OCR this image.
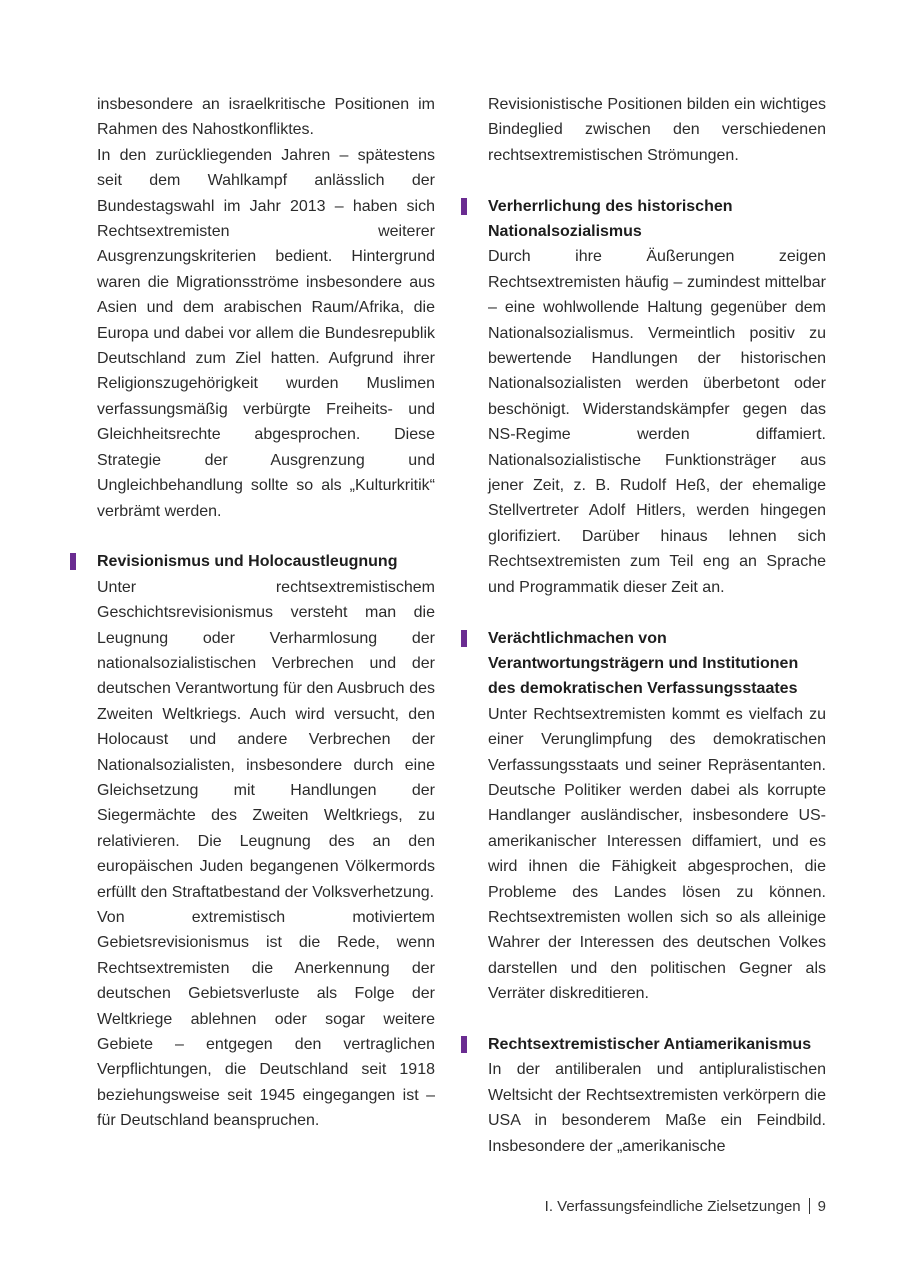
insbesondere an israelkritische Positionen im Rahmen des Nahostkonfliktes.

In den zurückliegenden Jahren – spätestens seit dem Wahlkampf anlässlich der Bundestagswahl im Jahr 2013 – haben sich Rechtsextremisten weiterer Ausgrenzungskriterien bedient. Hintergrund waren die Migrationsströme insbesondere aus Asien und dem arabischen Raum/Afrika, die Europa und dabei vor allem die Bundesrepublik Deutschland zum Ziel hatten. Aufgrund ihrer Religionszugehörigkeit wurden Muslimen verfassungsmäßig verbürgte Freiheits- und Gleichheitsrechte abgesprochen. Diese Strategie der Ausgrenzung und Ungleichbehandlung sollte so als „Kulturkritik“ verbrämt werden.

Revisionismus und Holocaustleugnung

Unter rechtsextremistischem Geschichtsrevisionismus versteht man die Leugnung oder Verharmlosung der nationalsozialistischen Verbrechen und der deutschen Verantwortung für den Ausbruch des Zweiten Weltkriegs. Auch wird versucht, den Holocaust und andere Verbrechen der Nationalsozialisten, insbesondere durch eine Gleichsetzung mit Handlungen der Siegermächte des Zweiten Weltkriegs, zu relativieren. Die Leugnung des an den europäischen Juden begangenen Völkermords erfüllt den Straftatbestand der Volksverhetzung.

Von extremistisch motiviertem Gebietsrevisionismus ist die Rede, wenn Rechtsextremisten die Anerkennung der deutschen Gebietsverluste als Folge der Weltkriege ablehnen oder sogar weitere Gebiete – entgegen den vertraglichen Verpflichtungen, die Deutschland seit 1918 beziehungsweise seit 1945 eingegangen ist – für Deutschland beanspruchen.

Revisionistische Positionen bilden ein wichtiges Bindeglied zwischen den verschiedenen rechtsextremistischen Strömungen.

Verherrlichung des historischen Nationalsozialismus

Durch ihre Äußerungen zeigen Rechtsextremisten häufig – zumindest mittelbar – eine wohlwollende Haltung gegenüber dem Nationalsozialismus. Vermeintlich positiv zu bewertende Handlungen der historischen Nationalsozialisten werden überbetont oder beschönigt. Widerstandskämpfer gegen das NS-Regime werden diffamiert. Nationalsozialistische Funktionsträger aus jener Zeit, z. B. Rudolf Heß, der ehemalige Stellvertreter Adolf Hitlers, werden hingegen glorifiziert. Darüber hinaus lehnen sich Rechtsextremisten zum Teil eng an Sprache und Programmatik dieser Zeit an.

Verächtlichmachen von Verantwortungsträgern und Institutionen des demokratischen Verfassungsstaates

Unter Rechtsextremisten kommt es vielfach zu einer Verunglimpfung des demokratischen Verfassungsstaats und seiner Repräsentanten. Deutsche Politiker werden dabei als korrupte Handlanger ausländischer, insbesondere US-amerikanischer Interessen diffamiert, und es wird ihnen die Fähigkeit abgesprochen, die Probleme des Landes lösen zu können. Rechtsextremisten wollen sich so als alleinige Wahrer der Interessen des deutschen Volkes darstellen und den politischen Gegner als Verräter diskreditieren.

Rechtsextremistischer Antiamerikanismus

In der antiliberalen und antipluralistischen Weltsicht der Rechtsextremisten verkörpern die USA in besonderem Maße ein Feindbild. Insbesondere der „amerikanische

I. Verfassungsfeindliche Zielsetzungen 9
